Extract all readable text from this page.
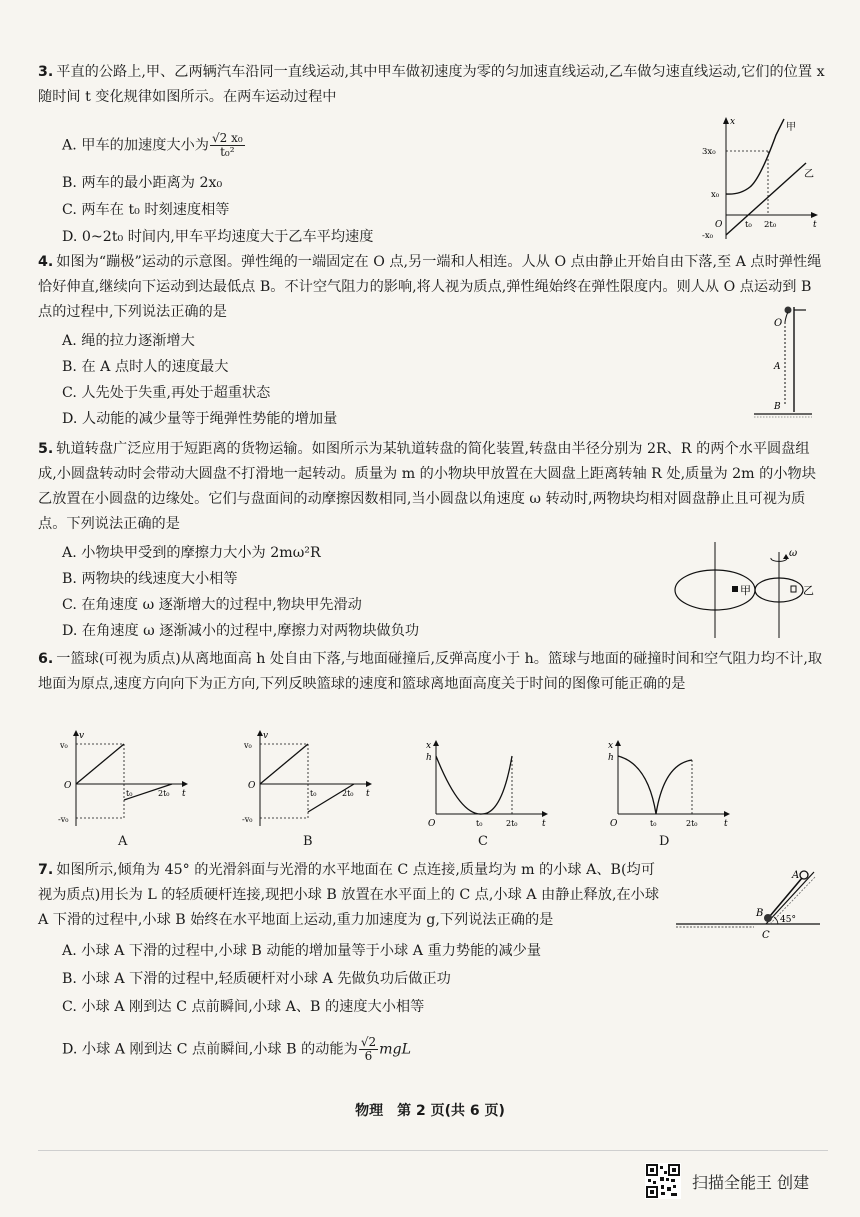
3. 平直的公路上,甲、乙两辆汽车沿同一直线运动,其中甲车做初速度为零的匀加速直线运动,乙车做匀速直线运动,它们的位置 x 随时间 t 变化规律如图所示。在两车运动过程中
A. 甲车的加速度大小为 $\frac{\text{√2 x₀}}{\text{t₀²}}$
B. 两车的最小距离为 2x₀
C. 两车在 t₀ 时刻速度相等
D. 0~2t₀ 时间内,甲车平均速度大于乙车平均速度
x
t
O
3x₀
x₀
-x₀
t₀ 2t₀
甲
乙
4. 如图为“蹦极”运动的示意图。弹性绳的一端固定在 O 点,另一端和人相连。人从 O 点由静止开始自由下落,至 A 点时弹性绳恰好伸直,继续向下运动到达最低点 B。不计空气阻力的影响,将人视为质点,弹性绳始终在弹性限度内。则人从 O 点运动到 B 点的过程中,下列说法正确的是
A. 绳的拉力逐渐增大
B. 在 A 点时人的速度最大
C. 人先处于失重,再处于超重状态
D. 人动能的减少量等于绳弹性势能的增加量
O
A
B
5. 轨道转盘广泛应用于短距离的货物运输。如图所示为某轨道转盘的简化装置,转盘由半径分别为 2R、R 的两个水平圆盘组成,小圆盘转动时会带动大圆盘不打滑地一起转动。质量为 m 的小物块甲放置在大圆盘上距离转轴 R 处,质量为 2m 的小物块乙放置在小圆盘的边缘处。它们与盘面间的动摩擦因数相同,当小圆盘以角速度 ω 转动时,两物块均相对圆盘静止且可视为质点。下列说法正确的是
A. 小物块甲受到的摩擦力大小为 2mω²R
B. 两物块的线速度大小相等
C. 在角速度 ω 逐渐增大的过程中,物块甲先滑动
D. 在角速度 ω 逐渐减小的过程中,摩擦力对两物块做负功
ω
甲	乙
6. 一篮球(可视为质点)从离地面高 h 处自由下落,与地面碰撞后,反弹高度小于 h。篮球与地面的碰撞时间和空气阻力均不计,取地面为原点,速度方向向下为正方向,下列反映篮球的速度和篮球离地面高度关于时间的图像可能正确的是
v
t
O
v₀
-v₀
t₀	2t₀
A
v
t
O
v₀
-v₀
t₀	2t₀
B
x
h
t
O	t₀	2t₀
C
x
h
t
O	t₀	2t₀
D
7. 如图所示,倾角为 45° 的光滑斜面与光滑的水平地面在 C 点连接,质量均为 m 的小球 A、B(均可视为质点)用长为 L 的轻质硬杆连接,现把小球 B 放置在水平面上的 C 点,小球 A 由静止释放,在小球 A 下滑的过程中,小球 B 始终在水平地面上运动,重力加速度为 g,下列说法正确的是
A. 小球 A 下滑的过程中,小球 B 动能的增加量等于小球 A 重力势能的减少量
B. 小球 A 下滑的过程中,轻质硬杆对小球 A 先做负功后做正功
C. 小球 A 刚到达 C 点前瞬间,小球 A、B 的速度大小相等
D. 小球 A 刚到达 C 点前瞬间,小球 B 的动能为 $\frac{√2}{6}$ mgL
A
B
C
45°
物理　第 2 页(共 6 页)
扫描全能王 创建
